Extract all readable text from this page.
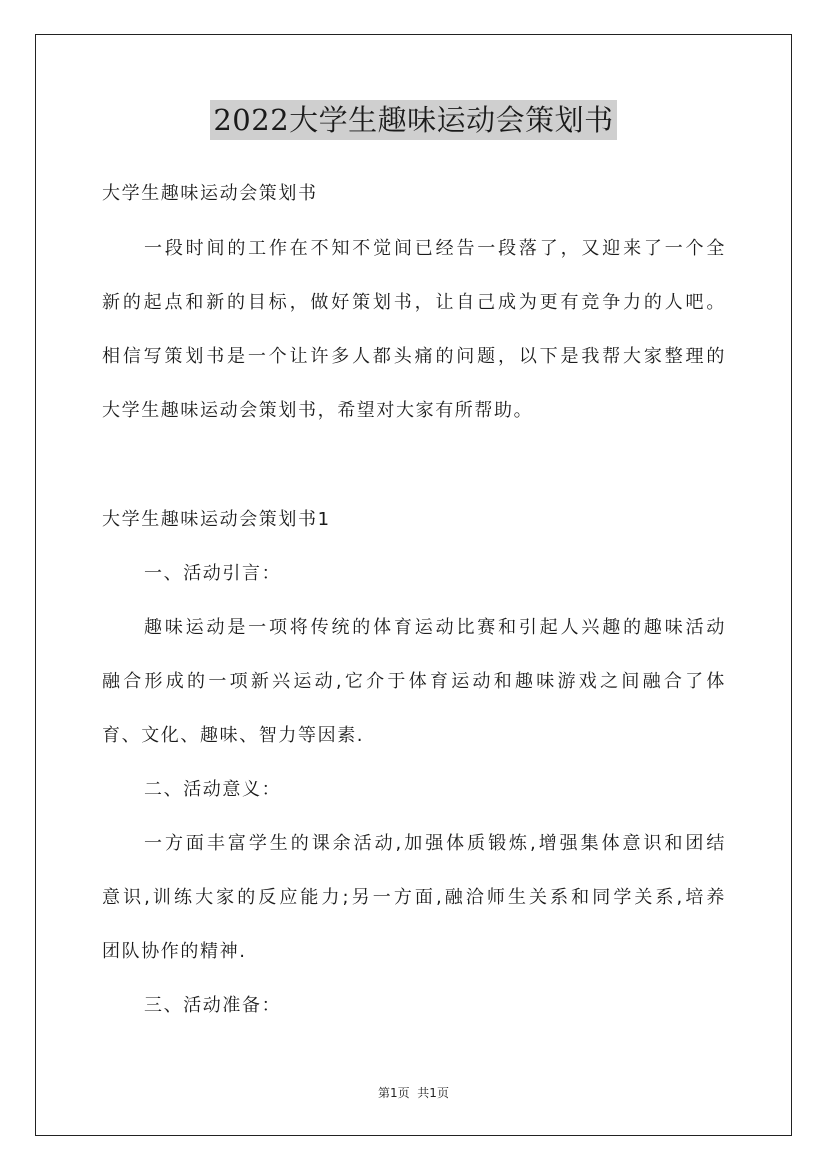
2022大学生趣味运动会策划书
大学生趣味运动会策划书
一段时间的工作在不知不觉间已经告一段落了，又迎来了一个全
新的起点和新的目标，做好策划书，让自己成为更有竞争力的人吧。
相信写策划书是一个让许多人都头痛的问题，以下是我帮大家整理的
大学生趣味运动会策划书，希望对大家有所帮助。
大学生趣味运动会策划书1
一、活动引言：
趣味运动是一项将传统的体育运动比赛和引起人兴趣的趣味活动
融合形成的一项新兴运动,它介于体育运动和趣味游戏之间融合了体
育、文化、趣味、智力等因素.
二、活动意义：
一方面丰富学生的课余活动,加强体质锻炼,增强集体意识和团结
意识,训练大家的反应能力;另一方面,融洽师生关系和同学关系,培养
团队协作的精神.
三、活动准备：
第1页  共1页
